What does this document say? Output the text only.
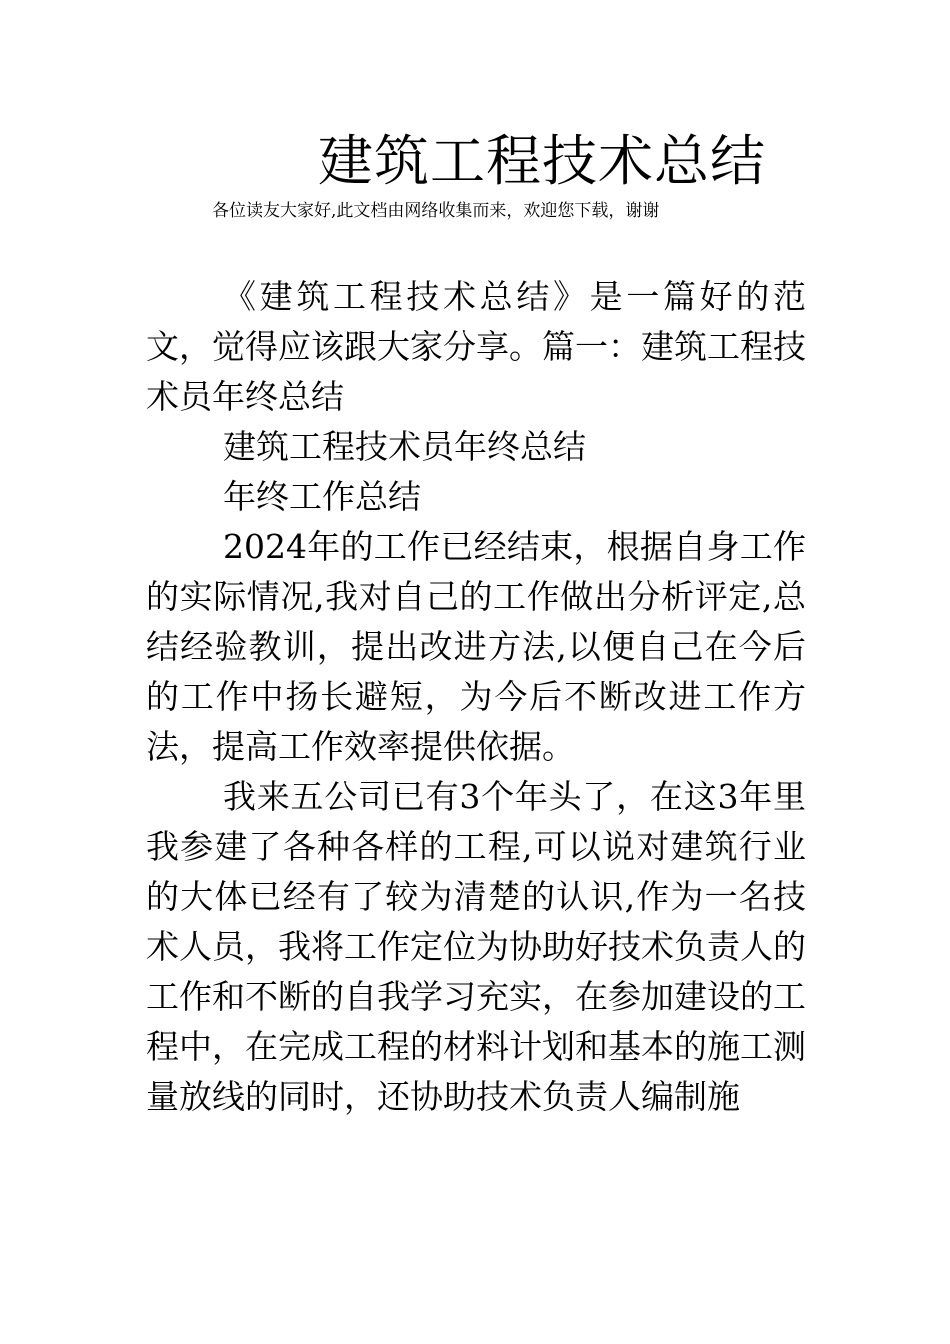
建筑工程技术总结
各位读友大家好,此文档由网络收集而来，欢迎您下载，谢谢

《建筑工程技术总结》是一篇好的范文，觉得应该跟大家分享。篇一：建筑工程技术员年终总结

建筑工程技术员年终总结

年终工作总结

2024年的工作已经结束，根据自身工作的实际情况,我对自己的工作做出分析评定,总结经验教训，提出改进方法,以便自己在今后的工作中扬长避短，为今后不断改进工作方法，提高工作效率提供依据。

我来五公司已有3个年头了，在这3年里我参建了各种各样的工程,可以说对建筑行业的大体已经有了较为清楚的认识,作为一名技术人员，我将工作定位为协助好技术负责人的工作和不断的自我学习充实，在参加建设的工程中，在完成工程的材料计划和基本的施工测量放线的同时，还协助技术负责人编制施
